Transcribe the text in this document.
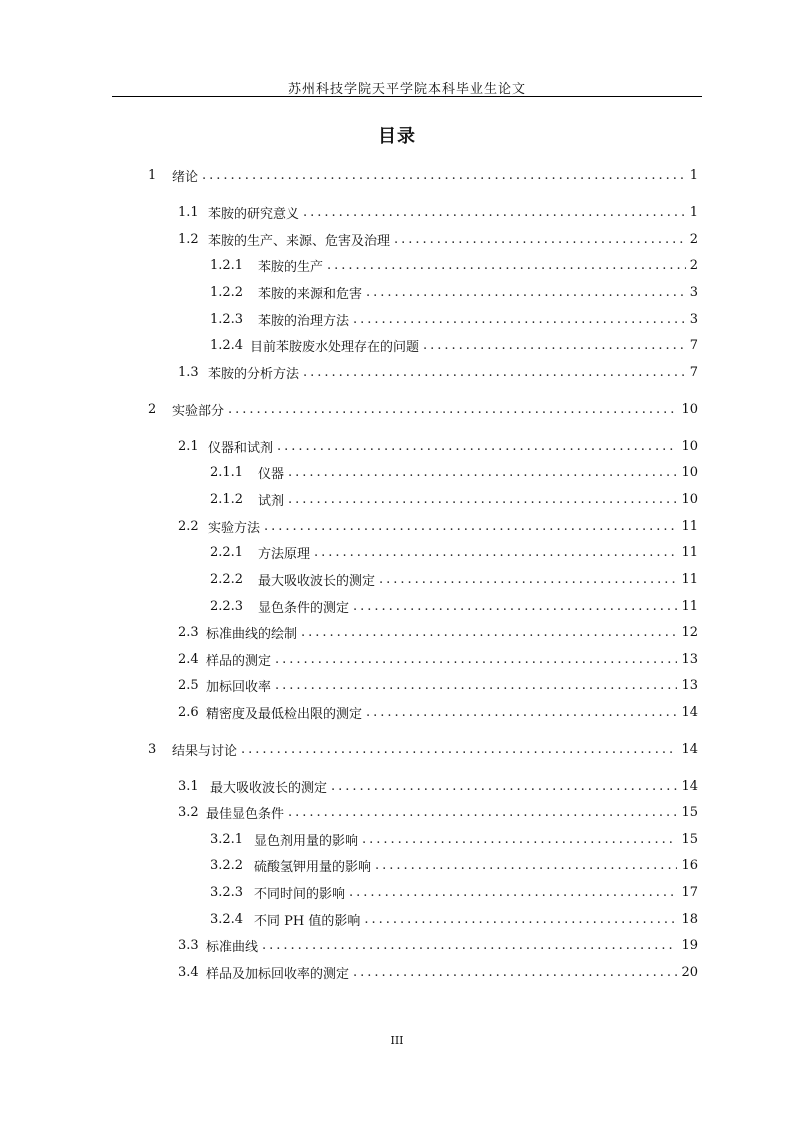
苏州科技学院天平学院本科毕业生论文
目录
1	绪论 .....	1
1.1 苯胺的研究意义 .....	1
1.2 苯胺的生产、来源、危害及治理 .....	2
1.2.1	苯胺的生产 .....	2
1.2.2	苯胺的来源和危害 .....	3
1.2.3	苯胺的治理方法 .....	3
1.2.4 目前苯胺废水处理存在的问题 .....	7
1.3 苯胺的分析方法 .....	7
2	实验部分 .....	10
2.1 仪器和试剂 .....	10
2.1.1	仪器 .....	10
2.1.2	试剂 .....	10
2.2 实验方法 .....	11
2.2.1	方法原理 .....	11
2.2.2	最大吸收波长的测定 .....	11
2.2.3	显色条件的测定 .....	11
2.3 标准曲线的绘制 .....	12
2.4 样品的测定 .....	13
2.5 加标回收率 .....	13
2.6 精密度及最低检出限的测定 .....	14
3	结果与讨论 .....	14
3.1 最大吸收波长的测定 .....	14
3.2 最佳显色条件 .....	15
3.2.1 显色剂用量的影响 .....	15
3.2.2 硫酸氢钾用量的影响 .....	16
3.2.3 不同时间的影响 .....	17
3.2.4 不同 PH 值的影响 .....	18
3.3 标准曲线 .....	19
3.4 样品及加标回收率的测定 .....	20
III
